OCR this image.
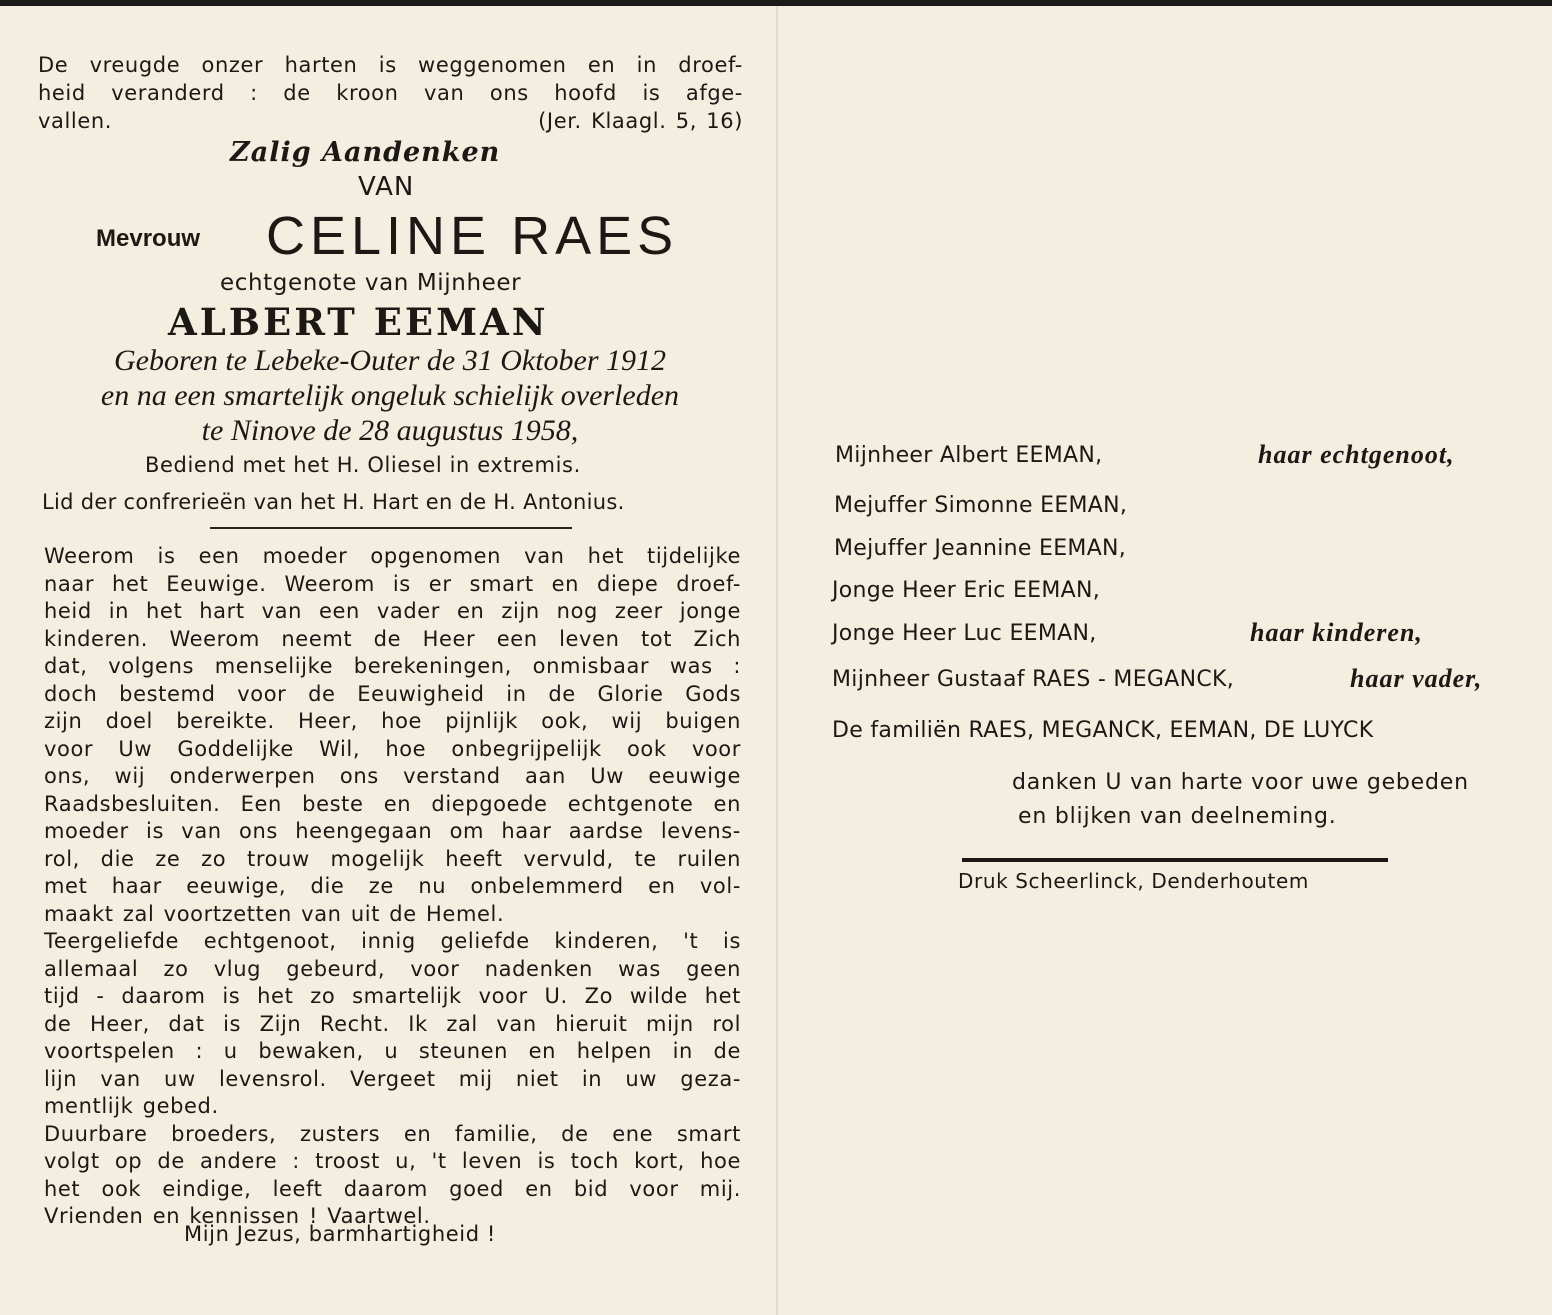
De vreugde onzer harten is weggenomen en in droef-

heid veranderd : de kroon van ons hoofd is afge-

vallen.	(Jer. Klaagl. 5, 16)
Zalig Aandenken
VAN
Mevrouw CELINE RAES
echtgenote van Mijnheer
ALBERT EEMAN
Geboren te Lebeke-Outer de 31 Oktober 1912
en na een smartelijk ongeluk schielijk overleden
te Ninove de 28 augustus 1958,
Bediend met het H. Oliesel in extremis.
Lid der confrerieën van het H. Hart en de H. Antonius.

Weerom is een moeder opgenomen van het tijdelijke

naar het Eeuwige. Weerom is er smart en diepe droef-

heid in het hart van een vader en zijn nog zeer jonge

kinderen. Weerom neemt de Heer een leven tot Zich

dat, volgens menselijke berekeningen, onmisbaar was :

doch bestemd voor de Eeuwigheid in de Glorie Gods

zijn doel bereikte. Heer, hoe pijnlijk ook, wij buigen

voor Uw Goddelijke Wil, hoe onbegrijpelijk ook voor

ons, wij onderwerpen ons verstand aan Uw eeuwige

Raadsbesluiten. Een beste en diepgoede echtgenote en

moeder is van ons heengegaan om haar aardse levens-

rol, die ze zo trouw mogelijk heeft vervuld, te ruilen

met haar eeuwige, die ze nu onbelemmerd en vol-

maakt zal voortzetten van uit de Hemel.

Teergeliefde echtgenoot, innig geliefde kinderen, 't is

allemaal zo vlug gebeurd, voor nadenken was geen

tijd - daarom is het zo smartelijk voor U. Zo wilde het

de Heer, dat is Zijn Recht. Ik zal van hieruit mijn rol

voortspelen : u bewaken, u steunen en helpen in de

lijn van uw levensrol. Vergeet mij niet in uw geza-

mentlijk gebed.

Duurbare broeders, zusters en familie, de ene smart

volgt op de andere : troost u, 't leven is toch kort, hoe

het ook eindige, leeft daarom goed en bid voor mij.

Vrienden en kennissen ! Vaartwel.

Mijn Jezus, barmhartigheid !
Mijnheer Albert EEMAN,	haar echtgenoot,
Mejuffer Simonne EEMAN,
Mejuffer Jeannine EEMAN,
Jonge Heer Eric EEMAN,
Jonge Heer Luc EEMAN,	haar kinderen,
Mijnheer Gustaaf RAES - MEGANCK,	haar vader,
De familiën RAES, MEGANCK, EEMAN, DE LUYCK
danken U van harte voor uwe gebeden
en blijken van deelneming.
Druk Scheerlinck, Denderhoutem
